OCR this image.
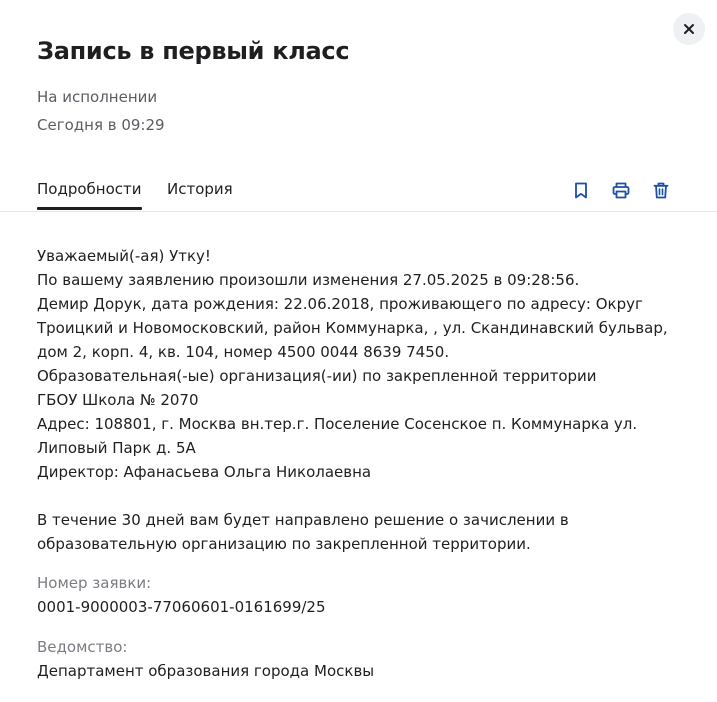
Запись в первый класс
На исполнении
Сегодня в 09:29
Подробности История

Уважаемый(-ая) Утку!

По вашему заявлению произошли изменения 27.05.2025 в 09:28:56.

Демир Дорук, дата рождения: 22.06.2018, проживающего по адресу: Округ Троицкий и Новомосковский, район Коммунарка, , ул. Скандинавский бульвар, дом 2, корп. 4, кв. 104, номер 4500 0044 8639 7450.

Образовательная(-ые) организация(-ии) по закрепленной территории

ГБОУ Школа № 2070

Адрес: 108801, г. Москва вн.тер.г. Поселение Сосенское п. Коммунарка ул. Липовый Парк д. 5А

Директор: Афанасьева Ольга Николаевна

В течение 30 дней вам будет направлено решение о зачислении в образовательную организацию по закрепленной территории.

Номер заявки:
0001-9000003-77060601-0161699/25
Ведомство:
Департамент образования города Москвы
